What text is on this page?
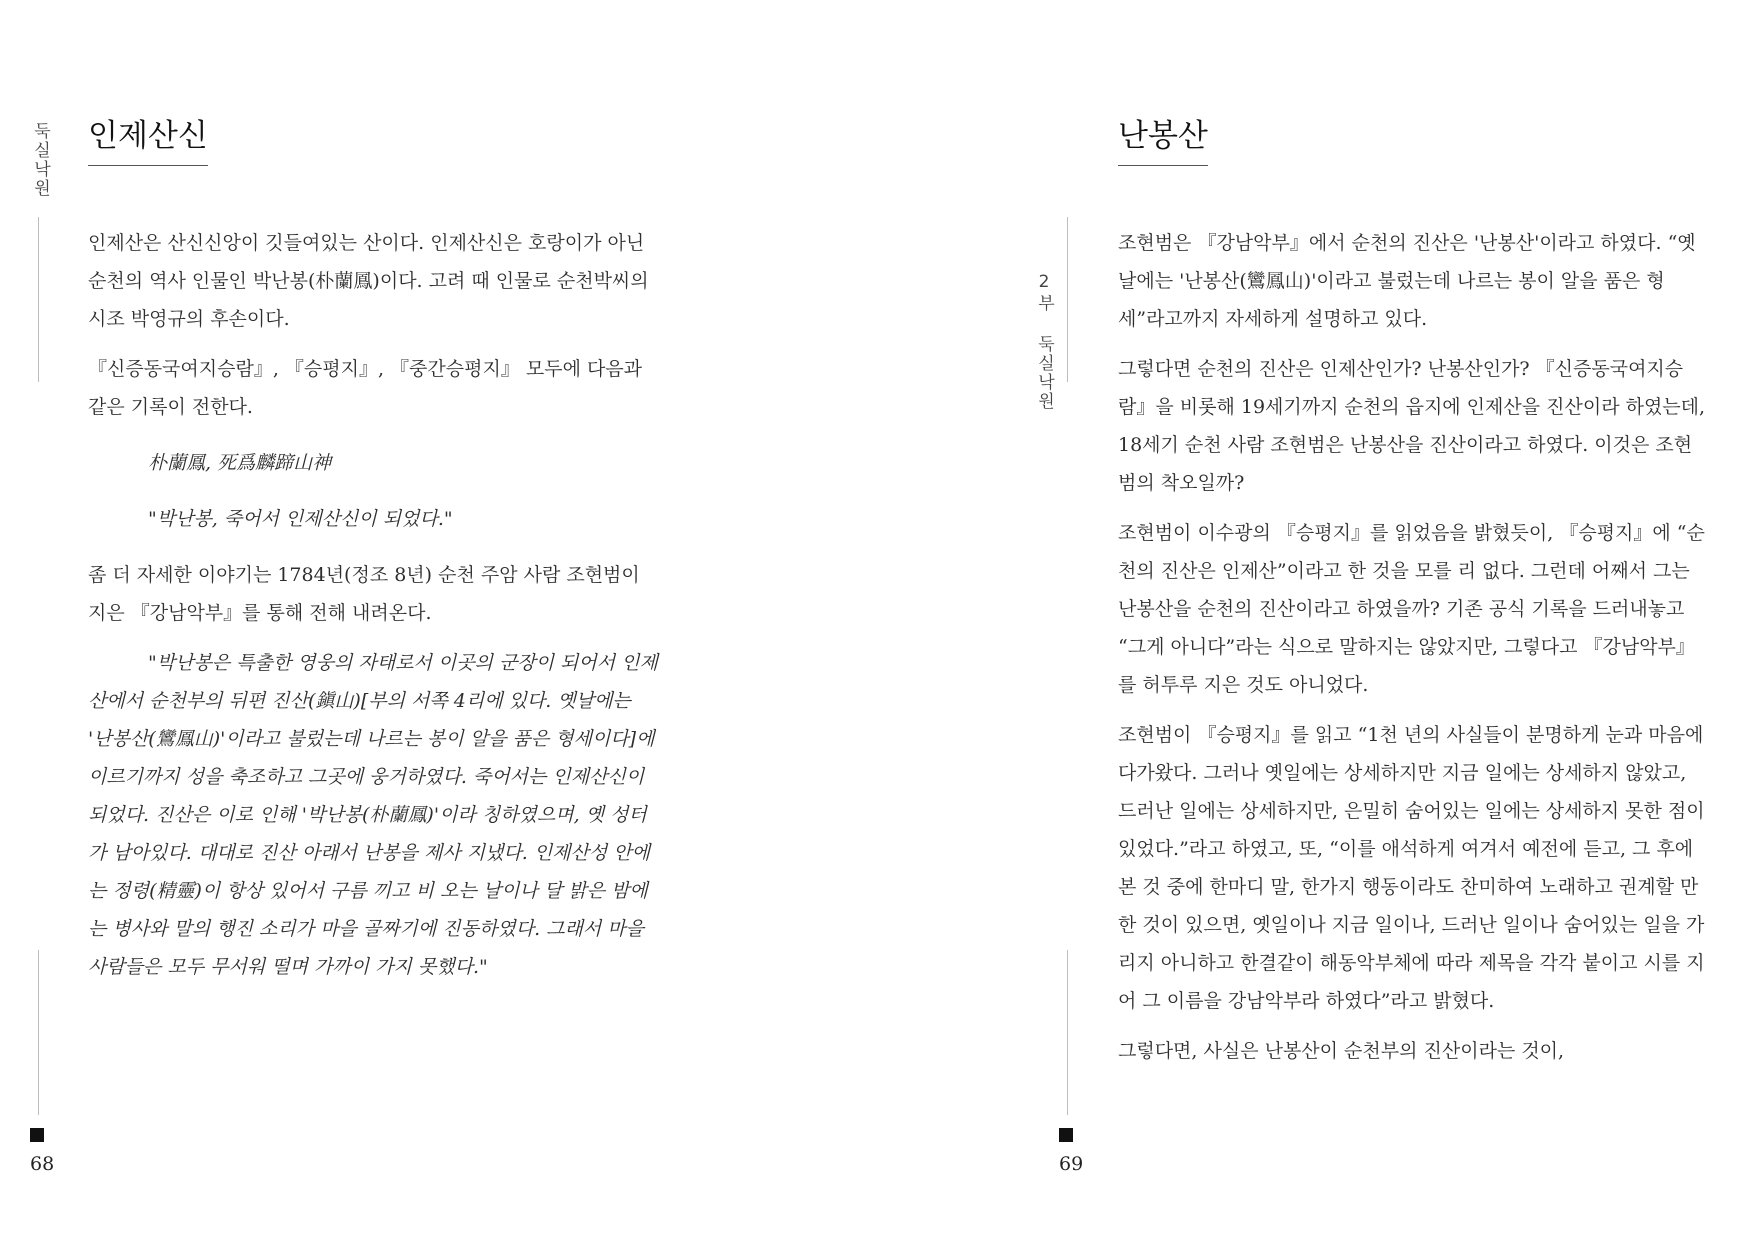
둑실낙원 인제산신

인제산은 산신신앙이 깃들여있는 산이다. 인제산신은 호랑이가 아닌 순천의 역사 인물인 박난봉(朴蘭鳳)이다. 고려 때 인물로 순천박씨의 시조 박영규의 후손이다.

『신증동국여지승람』, 『승평지』, 『중간승평지』 모두에 다음과 같은 기록이 전한다.

朴蘭鳳, 死爲麟蹄山神

"박난봉, 죽어서 인제산신이 되었다."

좀 더 자세한 이야기는 1784년(정조 8년) 순천 주암 사람 조현범이 지은 『강남악부』를 통해 전해 내려온다.

"박난봉은 특출한 영웅의 자태로서 이곳의 군장이 되어서 인제산에서 순천부의 뒤편 진산(鎭山)[부의 서쪽 4리에 있다. 옛날에는 '난봉산(鸞鳳山)'이라고 불렀는데 나르는 봉이 알을 품은 형세이다]에 이르기까지 성을 축조하고 그곳에 웅거하였다. 죽어서는 인제산신이 되었다. 진산은 이로 인해 '박난봉(朴蘭鳳)'이라 칭하였으며, 옛 성터가 남아있다. 대대로 진산 아래서 난봉을 제사 지냈다. 인제산성 안에는 정령(精靈)이 항상 있어서 구름 끼고 비 오는 날이나 달 밝은 밤에는 병사와 말의 행진 소리가 마을 골짜기에 진동하였다. 그래서 마을 사람들은 모두 무서워 떨며 가까이 가지 못했다."

68
2부 둑실낙원
난봉산

조현범은 『강남악부』에서 순천의 진산은 '난봉산'이라고 하였다. “옛날에는 '난봉산(鸞鳳山)'이라고 불렀는데 나르는 봉이 알을 품은 형세”라고까지 자세하게 설명하고 있다.

그렇다면 순천의 진산은 인제산인가? 난봉산인가? 『신증동국여지승람』을 비롯해 19세기까지 순천의 읍지에 인제산을 진산이라 하였는데, 18세기 순천 사람 조현범은 난봉산을 진산이라고 하였다. 이것은 조현범의 착오일까?

조현범이 이수광의 『승평지』를 읽었음을 밝혔듯이, 『승평지』에 “순천의 진산은 인제산”이라고 한 것을 모를 리 없다. 그런데 어째서 그는 난봉산을 순천의 진산이라고 하였을까? 기존 공식 기록을 드러내놓고 “그게 아니다”라는 식으로 말하지는 않았지만, 그렇다고 『강남악부』를 허투루 지은 것도 아니었다.

조현범이 『승평지』를 읽고 “1천 년의 사실들이 분명하게 눈과 마음에 다가왔다. 그러나 옛일에는 상세하지만 지금 일에는 상세하지 않았고, 드러난 일에는 상세하지만, 은밀히 숨어있는 일에는 상세하지 못한 점이 있었다.”라고 하였고, 또, “이를 애석하게 여겨서 예전에 듣고, 그 후에 본 것 중에 한마디 말, 한가지 행동이라도 찬미하여 노래하고 권계할 만한 것이 있으면, 옛일이나 지금 일이나, 드러난 일이나 숨어있는 일을 가리지 아니하고 한결같이 해동악부체에 따라 제목을 각각 붙이고 시를 지어 그 이름을 강남악부라 하였다”라고 밝혔다.

그렇다면, 사실은 난봉산이 순천부의 진산이라는 것이,

69
